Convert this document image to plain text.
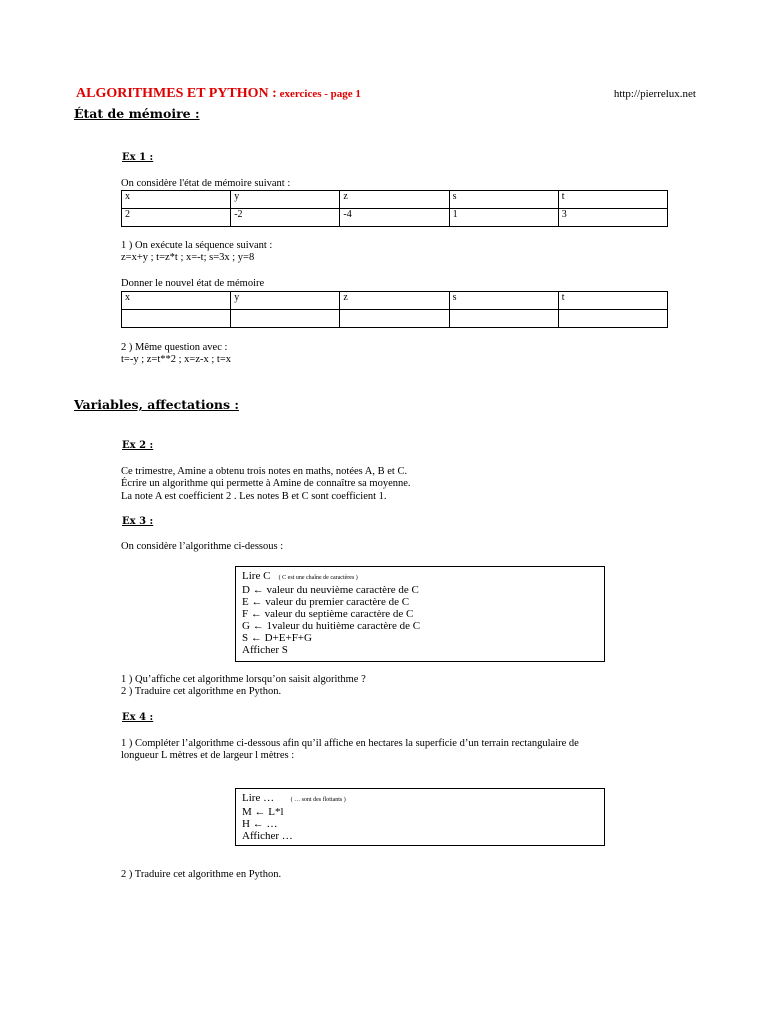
ALGORITHMES ET PYTHON : exercices - page 1	http://pierrelux.net
État de mémoire :
Ex 1 :
On considère l'état de mémoire suivant :
x	y	z	s	t
2	-2	-4	1	3
1 ) On exécute la séquence suivant :
z=x+y ; t=z*t ; x=-t; s=3x ; y=8
Donner le nouvel état de mémoire
x	y	z	s	t

2 ) Même question avec :
t=-y ; z=t**2 ; x=z-x ; t=x
Variables, affectations :
Ex 2 :
Ce trimestre, Amine a obtenu trois notes en maths, notées A, B et C.
Écrire un algorithme qui permette à Amine de connaître sa moyenne.
La note A est coefficient 2 . Les notes B et C sont coefficient 1.
Ex 3 :
On considère l’algorithme ci-dessous :
Lire C ( C est une chaîne de caractères )
D ← valeur du neuvième caractère de C
E ← valeur du premier caractère de C
F ← valeur du septième caractère de C
G ← 1valeur du huitième caractère de C
S ← D+E+F+G
Afficher S
1 ) Qu’affiche cet algorithme lorsqu’on saisit algorithme ?
2 ) Traduire cet algorithme en Python.
Ex 4 :
1 ) Compléter l’algorithme ci-dessous afin qu’il affiche en hectares la superficie d’un terrain rectangulaire de
longueur L mètres et de largeur l mètres :
Lire …	( … sont des flottants )
M ← L*l
H ← …
Afficher …
2 ) Traduire cet algorithme en Python.
